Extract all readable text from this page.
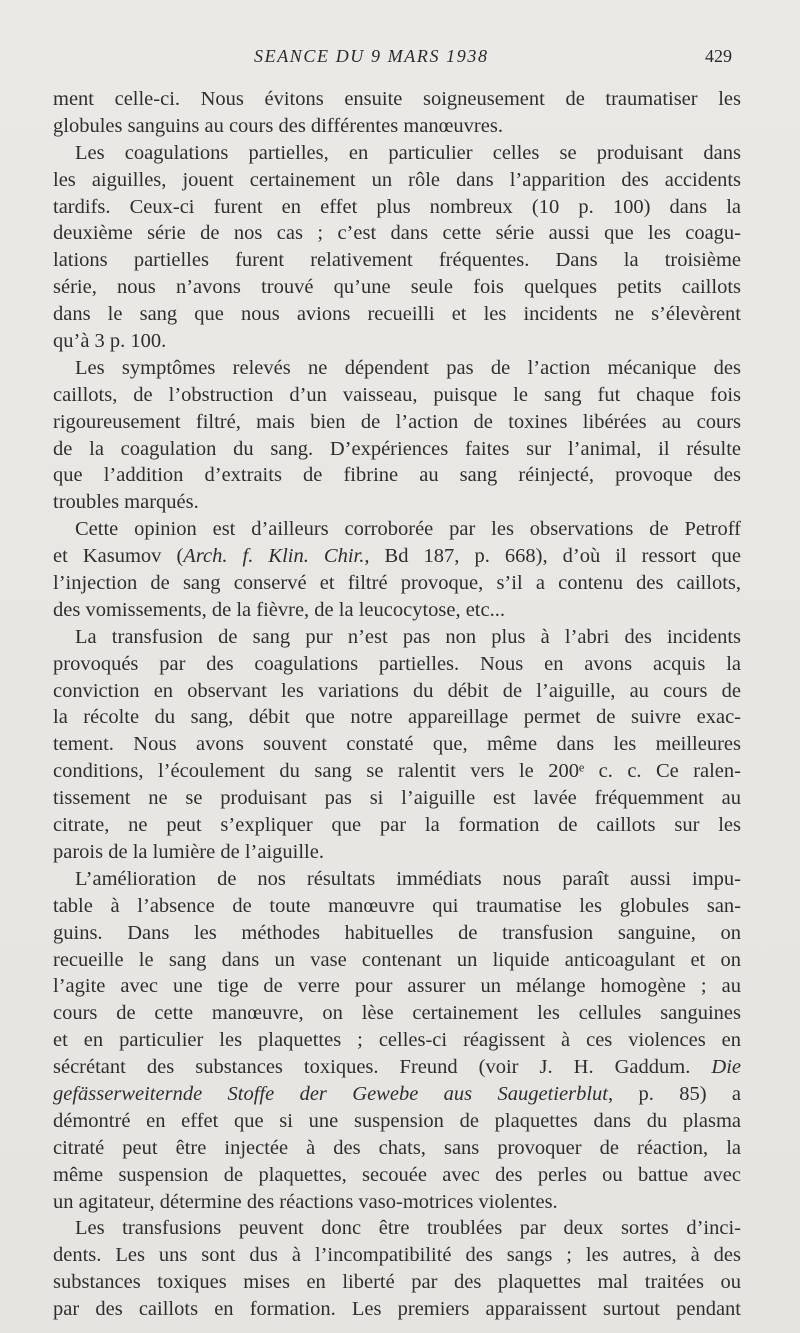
SEANCE DU 9 MARS 1938	429
ment celle-ci. Nous évitons ensuite soigneusement de traumatiser les
globules sanguins au cours des différentes manœuvres.
Les coagulations partielles, en particulier celles se produisant dans
les aiguilles, jouent certainement un rôle dans l’apparition des accidents
tardifs. Ceux-ci furent en effet plus nombreux (10 p. 100) dans la
deuxième série de nos cas ; c’est dans cette série aussi que les coagu-
lations partielles furent relativement fréquentes. Dans la troisième
série, nous n’avons trouvé qu’une seule fois quelques petits caillots
dans le sang que nous avions recueilli et les incidents ne s’élevèrent
qu’à 3 p. 100.
Les symptômes relevés ne dépendent pas de l’action mécanique des
caillots, de l’obstruction d’un vaisseau, puisque le sang fut chaque fois
rigoureusement filtré, mais bien de l’action de toxines libérées au cours
de la coagulation du sang. D’expériences faites sur l’animal, il résulte
que l’addition d’extraits de fibrine au sang réinjecté, provoque des
troubles marqués.
Cette opinion est d’ailleurs corroborée par les observations de Petroff
et Kasumov (Arch. f. Klin. Chir., Bd 187, p. 668), d’où il ressort que
l’injection de sang conservé et filtré provoque, s’il a contenu des caillots,
des vomissements, de la fièvre, de la leucocytose, etc...
La transfusion de sang pur n’est pas non plus à l’abri des incidents
provoqués par des coagulations partielles. Nous en avons acquis la
conviction en observant les variations du débit de l’aiguille, au cours de
la récolte du sang, débit que notre appareillage permet de suivre exac-
tement. Nous avons souvent constaté que, même dans les meilleures
conditions, l’écoulement du sang se ralentit vers le 200ᵉ c. c. Ce ralen-
tissement ne se produisant pas si l’aiguille est lavée fréquemment au
citrate, ne peut s’expliquer que par la formation de caillots sur les
parois de la lumière de l’aiguille.
L’amélioration de nos résultats immédiats nous paraît aussi impu-
table à l’absence de toute manœuvre qui traumatise les globules san-
guins. Dans les méthodes habituelles de transfusion sanguine, on
recueille le sang dans un vase contenant un liquide anticoagulant et on
l’agite avec une tige de verre pour assurer un mélange homogène ; au
cours de cette manœuvre, on lèse certainement les cellules sanguines
et en particulier les plaquettes ; celles-ci réagissent à ces violences en
sécrétant des substances toxiques. Freund (voir J. H. Gaddum. Die
gefässerweiternde Stoffe der Gewebe aus Saugetierblut, p. 85) a
démontré en effet que si une suspension de plaquettes dans du plasma
citraté peut être injectée à des chats, sans provoquer de réaction, la
même suspension de plaquettes, secouée avec des perles ou battue avec
un agitateur, détermine des réactions vaso-motrices violentes.
Les transfusions peuvent donc être troublées par deux sortes d’inci-
dents. Les uns sont dus à l’incompatibilité des sangs ; les autres, à des
substances toxiques mises en liberté par des plaquettes mal traitées ou
par des caillots en formation. Les premiers apparaissent surtout pendant
